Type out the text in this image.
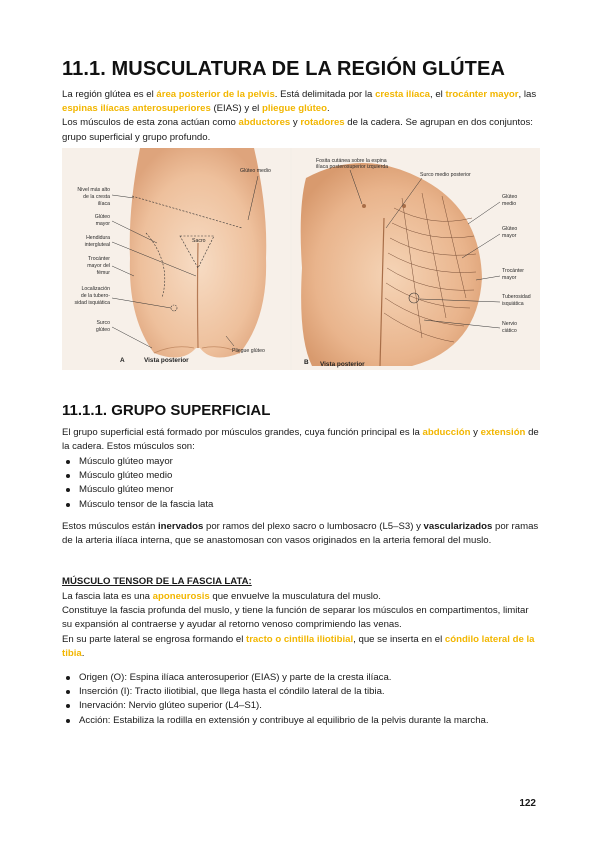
11.1. MUSCULATURA DE LA REGIÓN GLÚTEA

La región glútea es el área posterior de la pelvis. Está delimitada por la cresta ilíaca, el trocánter mayor, las espinas ilíacas anterosuperiores (EIAS) y el pliegue glúteo.
Los músculos de esta zona actúan como abductores y rotadores de la cadera. Se agrupan en dos conjuntos: grupo superficial y grupo profundo.

Nivel más alto
de la cresta
ilíaca
Glúteo
mayor
Hendidura
intergluteal
Trocánter
mayor del
fémur
Localización
de la tubero-
sidad isquiática
Surco
glúteo
Glúteo medio
Sacro
Pliegue glúteo
A	Vista posterior
Fosita cutánea sobre la espina
ilíaca posterosuperior izquierda
Surco medio posterior
Glúteo
medio
Glúteo
mayor
Trocánter
mayor
Tuberosidad
isquiática
Nervio
ciático
B Vista posterior
11.1.1. GRUPO SUPERFICIAL

El grupo superficial está formado por músculos grandes, cuya función principal es la abducción y extensión de la cadera. Estos músculos son:

Músculo glúteo mayor
Músculo glúteo medio
Músculo glúteo menor
Músculo tensor de la fascia lata

Estos músculos están inervados por ramos del plexo sacro o lumbosacro (L5–S3) y vascularizados por ramas de la arteria ilíaca interna, que se anastomosan con vasos originados en la arteria femoral del muslo.

MÚSCULO TENSOR DE LA FASCIA LATA:

La fascia lata es una aponeurosis que envuelve la musculatura del muslo.
Constituye la fascia profunda del muslo, y tiene la función de separar los músculos en compartimentos, limitar su expansión al contraerse y ayudar al retorno venoso comprimiendo las venas.
En su parte lateral se engrosa formando el tracto o cintilla iliotibial, que se inserta en el cóndilo lateral de la tibia.

Origen (O): Espina ilíaca anterosuperior (EIAS) y parte de la cresta ilíaca.
Inserción (I): Tracto iliotibial, que llega hasta el cóndilo lateral de la tibia.
Inervación: Nervio glúteo superior (L4–S1).
Acción: Estabiliza la rodilla en extensión y contribuye al equilibrio de la pelvis durante la marcha.
122
